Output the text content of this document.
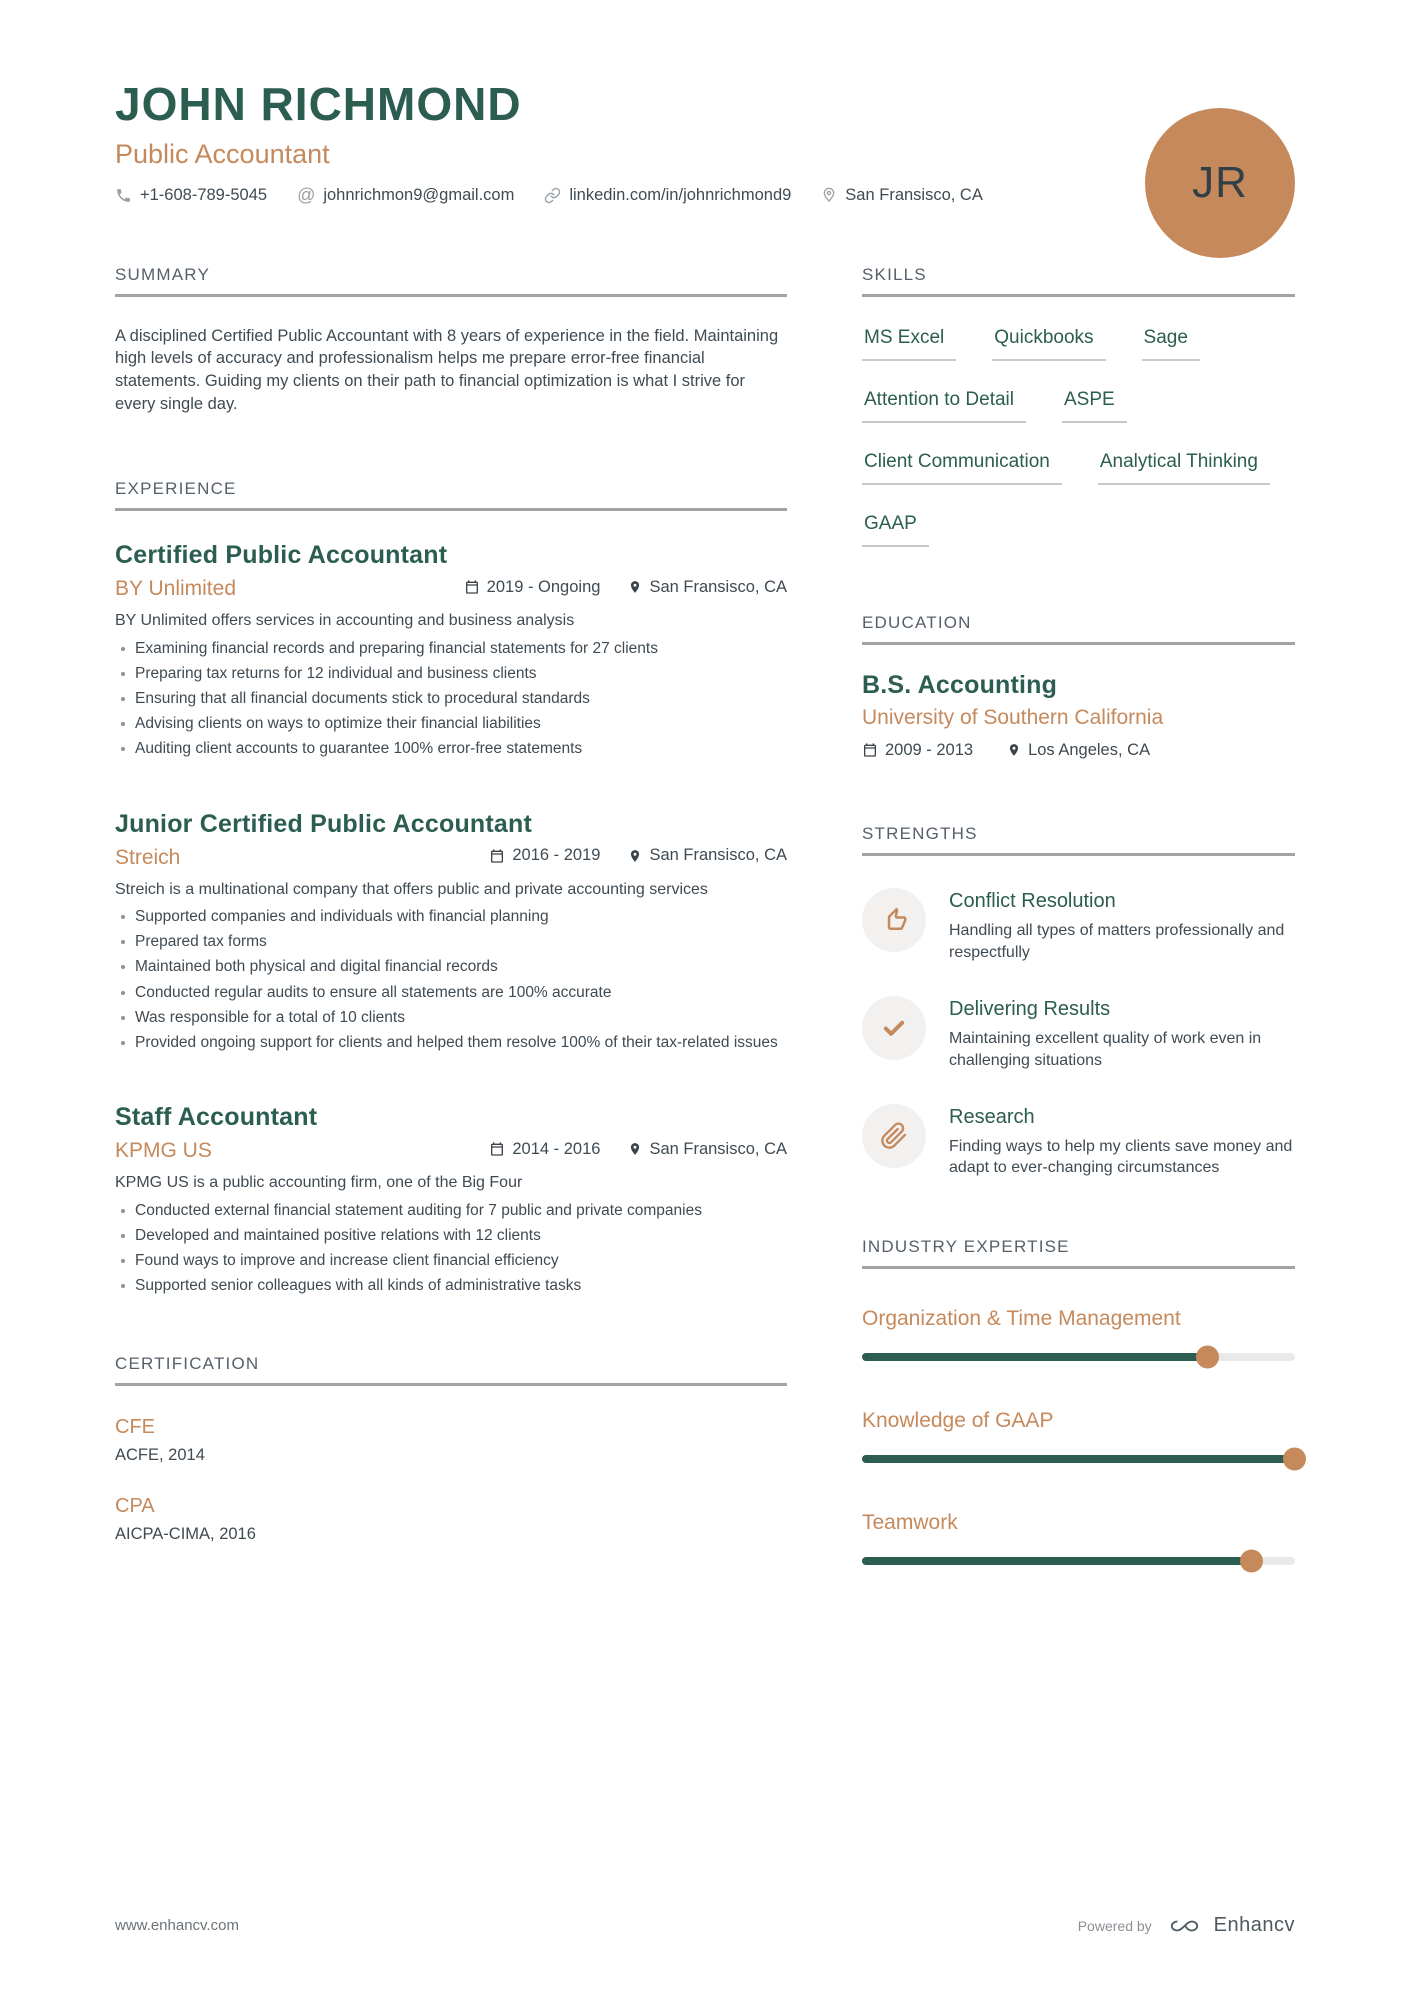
JOHN RICHMOND
Public Accountant
+1-608-789-5045 @ johnrichmon9@gmail.com	linkedin.com/in/johnrichmond9	San Fransisco, CA	JR
SUMMARY

A disciplined Certified Public Accountant with 8 years of experience in the field. Maintaining high levels of accuracy and professionalism helps me prepare error-free financial statements. Guiding my clients on their path to financial optimization is what I strive for every single day.

EXPERIENCE
Certified Public Accountant
BY Unlimited	2019 - Ongoing	San Fransisco, CA
BY Unlimited offers services in accounting and business analysis
Examining financial records and preparing financial statements for 27 clients
Preparing tax returns for 12 individual and business clients
Ensuring that all financial documents stick to procedural standards
Advising clients on ways to optimize their financial liabilities
Auditing client accounts to guarantee 100% error-free statements
Junior Certified Public Accountant
Streich	2016 - 2019	San Fransisco, CA
Streich is a multinational company that offers public and private accounting services
Supported companies and individuals with financial planning
Prepared tax forms
Maintained both physical and digital financial records
Conducted regular audits to ensure all statements are 100% accurate
Was responsible for a total of 10 clients
Provided ongoing support for clients and helped them resolve 100% of their tax-related issues
Staff Accountant
KPMG US	2014 - 2016	San Fransisco, CA
KPMG US is a public accounting firm, one of the Big Four
Conducted external financial statement auditing for 7 public and private companies
Developed and maintained positive relations with 12 clients
Found ways to improve and increase client financial efficiency
Supported senior colleagues with all kinds of administrative tasks
CERTIFICATION
CFE
ACFE, 2014
CPA
AICPA-CIMA, 2016
SKILLS
MS Excel	Quickbooks	Sage
Attention to Detail	ASPE
Client Communication	Analytical Thinking
GAAP
EDUCATION
B.S. Accounting
University of Southern California
2009 - 2013	Los Angeles, CA
STRENGTHS
Conflict Resolution
Handling all types of matters professionally and respectfully
Delivering Results
Maintaining excellent quality of work even in challenging situations
Research
Finding ways to help my clients save money and adapt to ever-changing circumstances
INDUSTRY EXPERTISE
Organization & Time Management
Knowledge of GAAP
Teamwork
www.enhancv.com	Powered by	Enhancv
